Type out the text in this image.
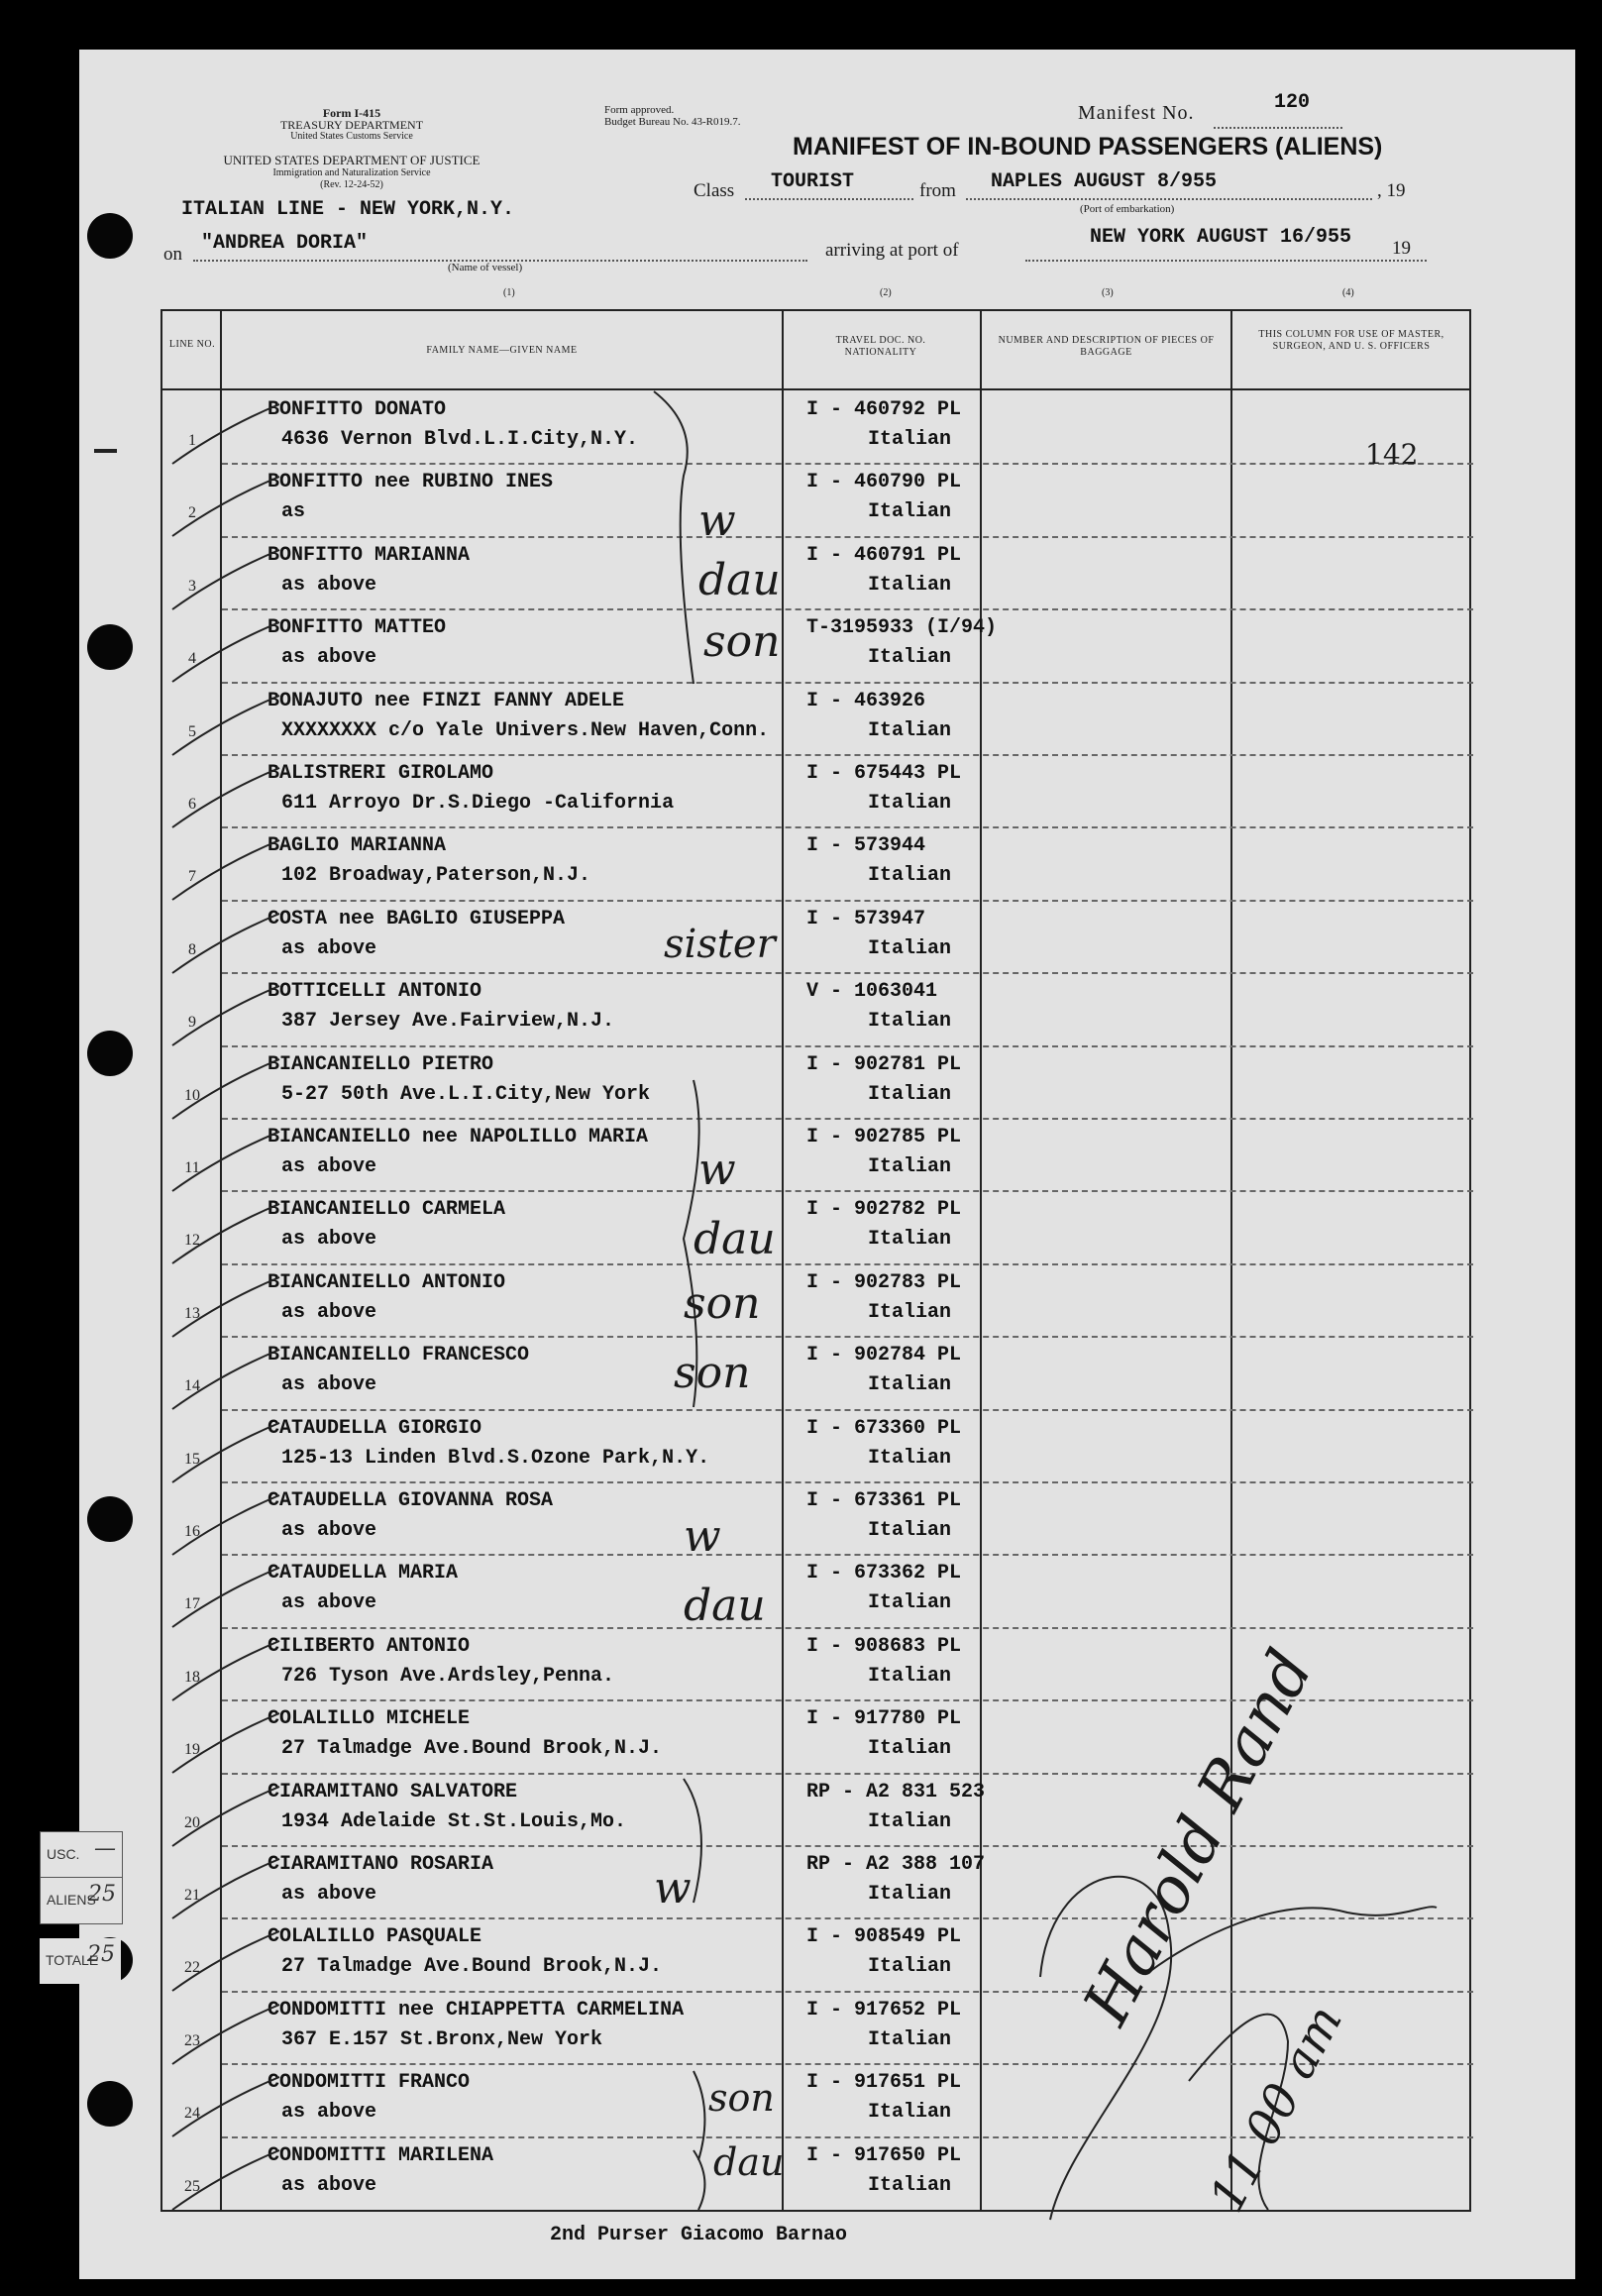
Form I-415
TREASURY DEPARTMENT
United States Customs Service
UNITED STATES DEPARTMENT OF JUSTICE
Immigration and Naturalization Service
(Rev. 12-24-52)
Form approved.
Budget Bureau No. 43-R019.7.	Manifest No.	120
MANIFEST OF IN-BOUND PASSENGERS (ALIENS)
ITALIAN LINE - NEW YORK,N.Y.
Class TOURIST	from NAPLES AUGUST 8/955	, 19
(Port of embarkation)
on "ANDREA DORIA"
(Name of vessel)
arriving at port of
NEW YORK AUGUST 16/955 19
(1)	(2)	(3)	(4)
LINE NO.
FAMILY NAME—GIVEN NAME
TRAVEL DOC. NO. NATIONALITY
NUMBER AND DESCRIPTION OF PIECES OF BAGGAGE
THIS COLUMN FOR USE OF MASTER, SURGEON, AND U. S. OFFICERS
1
BONFITTO DONATO
4636 Vernon Blvd.L.I.City,N.Y.
I - 460792 PL
Italian
2
BONFITTO nee RUBINO INES
as
I - 460790 PL
Italian
3
BONFITTO MARIANNA
as above
I - 460791 PL
Italian
4
BONFITTO MATTEO
as above
T-3195933 (I/94)
Italian
5
BONAJUTO nee FINZI FANNY ADELE
XXXXXXXX c/o Yale Univers.New Haven,Conn.
I - 463926
Italian
6
BALISTRERI GIROLAMO
611 Arroyo Dr.S.Diego -California
I - 675443 PL
Italian
7
BAGLIO MARIANNA
102 Broadway,Paterson,N.J.
I - 573944
Italian
8
COSTA nee BAGLIO GIUSEPPA
as above
I - 573947
Italian
9
BOTTICELLI ANTONIO
387 Jersey Ave.Fairview,N.J.
V - 1063041
Italian
10
BIANCANIELLO PIETRO
5-27 50th Ave.L.I.City,New York
I - 902781 PL
Italian
11
BIANCANIELLO nee NAPOLILLO MARIA
as above
I - 902785 PL
Italian
12
BIANCANIELLO CARMELA
as above
I - 902782 PL
Italian
13
BIANCANIELLO ANTONIO
as above
I - 902783 PL
Italian
14
BIANCANIELLO FRANCESCO
as above
I - 902784 PL
Italian
15
CATAUDELLA GIORGIO
125-13 Linden Blvd.S.Ozone Park,N.Y.
I - 673360 PL
Italian
16
CATAUDELLA GIOVANNA ROSA
as above
I - 673361 PL
Italian
17
CATAUDELLA MARIA
as above
I - 673362 PL
Italian
18
CILIBERTO ANTONIO
726 Tyson Ave.Ardsley,Penna.
I - 908683 PL
Italian
19
COLALILLO MICHELE
27 Talmadge Ave.Bound Brook,N.J.
I - 917780 PL
Italian
20
CIARAMITANO SALVATORE
1934 Adelaide St.St.Louis,Mo.
RP - A2 831 523
Italian
21
CIARAMITANO ROSARIA
as above
RP - A2 388 107
Italian
22
COLALILLO PASQUALE
27 Talmadge Ave.Bound Brook,N.J.
I - 908549 PL
Italian
23
CONDOMITTI nee CHIAPPETTA CARMELINA
367 E.157 St.Bronx,New York
I - 917652 PL
Italian
24
CONDOMITTI FRANCO
as above
I - 917651 PL
Italian
25
CONDOMITTI MARILENA
as above
I - 917650 PL
Italian
w
dau
son
sister
w
dau
son
son
w
dau
w
son
dau
142
Harold Rand
11 00 am
USC. —
ALIENS
25
TOTALE
25
2nd Purser Giacomo Barnao
